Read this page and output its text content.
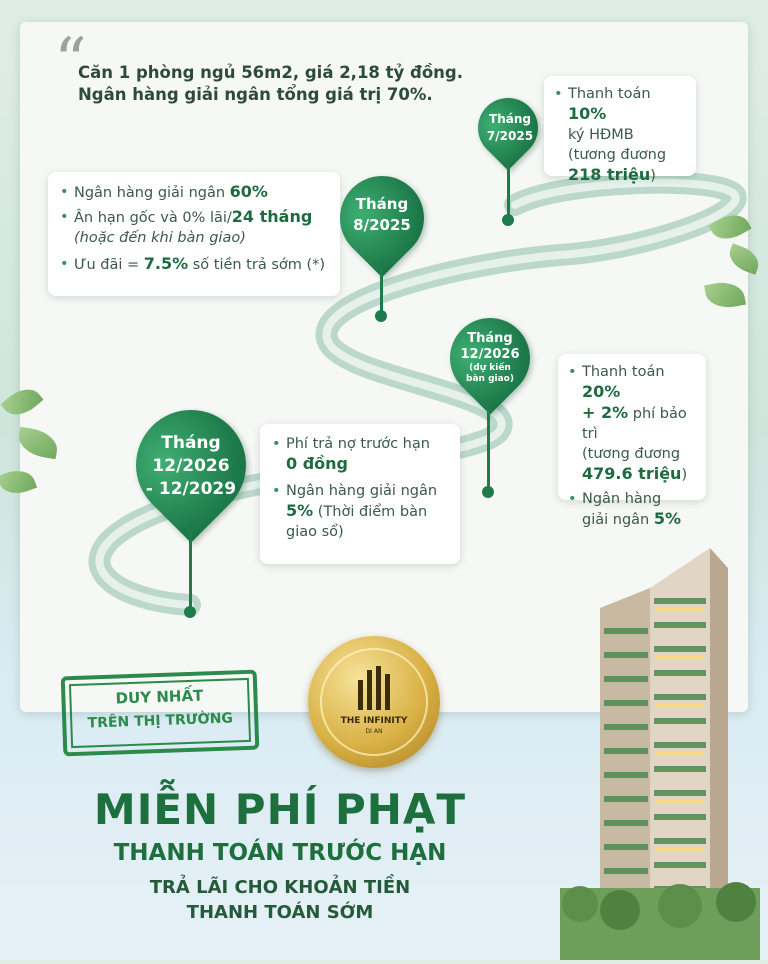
“
Căn 1 phòng ngủ 56m2, giá 2,18 tỷ đồng.
Ngân hàng giải ngân tổng giá trị 70%.
Tháng
7/2025
Tháng
8/2025
Tháng
12/2026
(dự kiến
bàn giao)
Tháng
12/2026
- 12/2029
• Thanh toán 10%
ký HĐMB
(tương đương
218 triệu)
• Ngân hàng giải ngân 60%
• Ân hạn gốc và 0% lãi/24 tháng
(hoặc đến khi bàn giao)
• Ưu đãi = 7.5% số tiền trả sớm (*)
• Thanh toán 20%
+ 2% phí bảo trì
(tương đương
479.6 triệu)
• Ngân hàng
giải ngân 5%
• Phí trả nợ trước hạn
0 đồng
• Ngân hàng giải ngân
5% (Thời điểm bàn
giao sổ)
DUY NHẤT
TRÊN THỊ TRƯỜNG	THE INFINITY
DI AN
MIỄN PHÍ PHẠT
THANH TOÁN TRƯỚC HẠN
TRẢ LÃI CHO KHOẢN TIỀN
THANH TOÁN SỚM
